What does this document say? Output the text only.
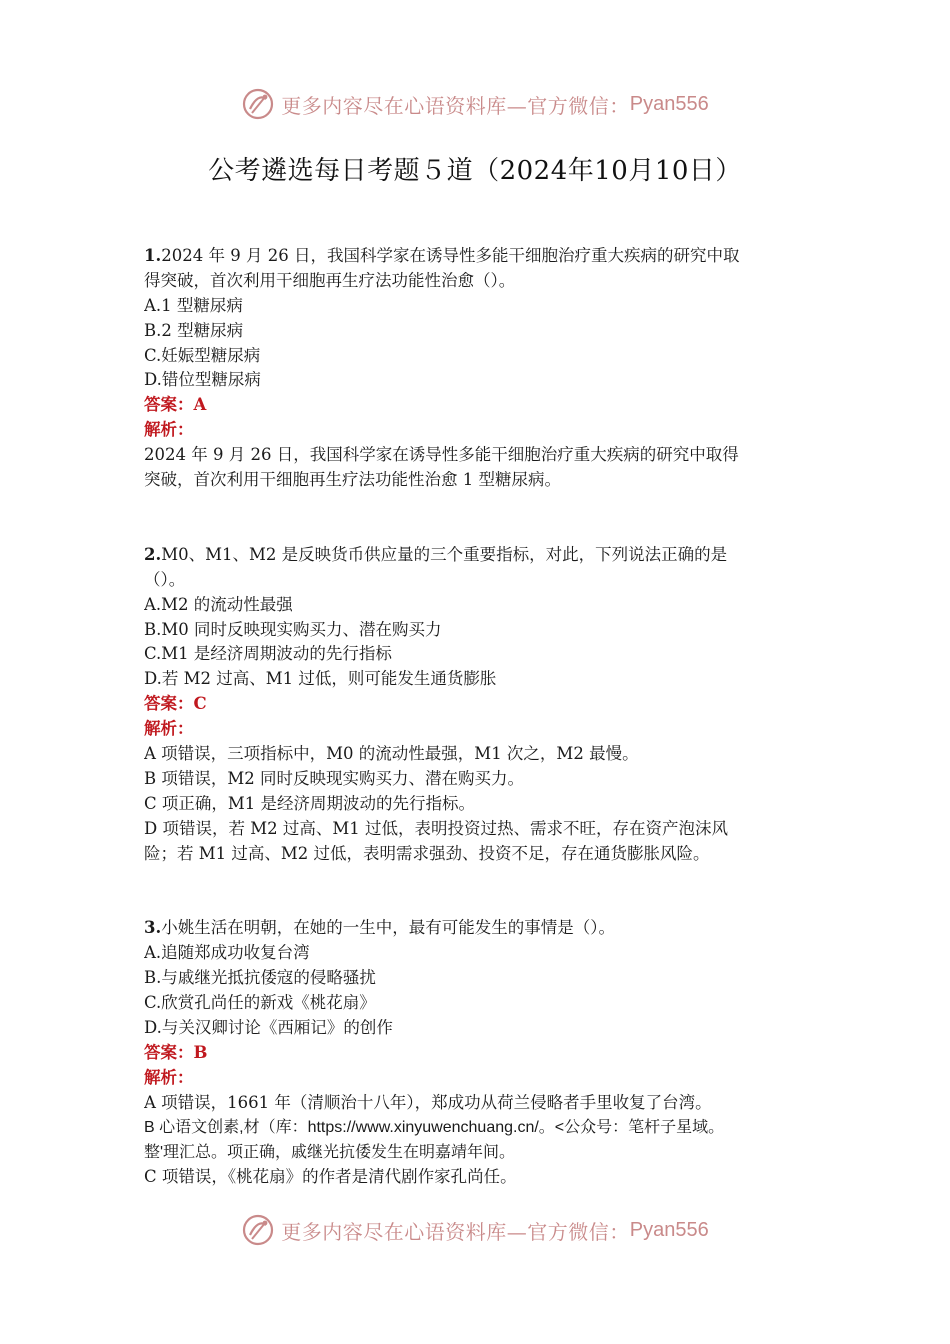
更多内容尽在心语资料库—官方微信： Pyan556
公考遴选每日考题５道（2024年10月10日）
1.2024 年 9 月 26 日，我国科学家在诱导性多能干细胞治疗重大疾病的研究中取
得突破，首次利用干细胞再生疗法功能性治愈（）。
A.1 型糖尿病
B.2 型糖尿病
C.妊娠型糖尿病
D.错位型糖尿病
答案：A
解析：
2024 年 9 月 26 日，我国科学家在诱导性多能干细胞治疗重大疾病的研究中取得
突破，首次利用干细胞再生疗法功能性治愈 1 型糖尿病。
2.M0、M1、M2 是反映货币供应量的三个重要指标，对此，下列说法正确的是
（）。
A.M2 的流动性最强
B.M0 同时反映现实购买力、潜在购买力
C.M1 是经济周期波动的先行指标
D.若 M2 过高、M1 过低，则可能发生通货膨胀
答案：C
解析：
A 项错误，三项指标中，M0 的流动性最强，M1 次之，M2 最慢。
B 项错误，M2 同时反映现实购买力、潜在购买力。
C 项正确，M1 是经济周期波动的先行指标。
D 项错误，若 M2 过高、M1 过低，表明投资过热、需求不旺，存在资产泡沫风
险；若 M1 过高、M2 过低，表明需求强劲、投资不足，存在通货膨胀风险。
3.小姚生活在明朝，在她的一生中，最有可能发生的事情是（）。
A.追随郑成功收复台湾
B.与戚继光抵抗倭寇的侵略骚扰
C.欣赏孔尚任的新戏《桃花扇》
D.与关汉卿讨论《西厢记》的创作
答案：B
解析：
A 项错误，1661 年（清顺治十八年），郑成功从荷兰侵略者手里收复了台湾。
B 心语文创素,材（库：https://www.xinyuwenchuang.cn/。<公众号：笔杆子星域。
整'理汇总。项正确，戚继光抗倭发生在明嘉靖年间。
C 项错误，《桃花扇》的作者是清代剧作家孔尚任。
更多内容尽在心语资料库—官方微信： Pyan556
